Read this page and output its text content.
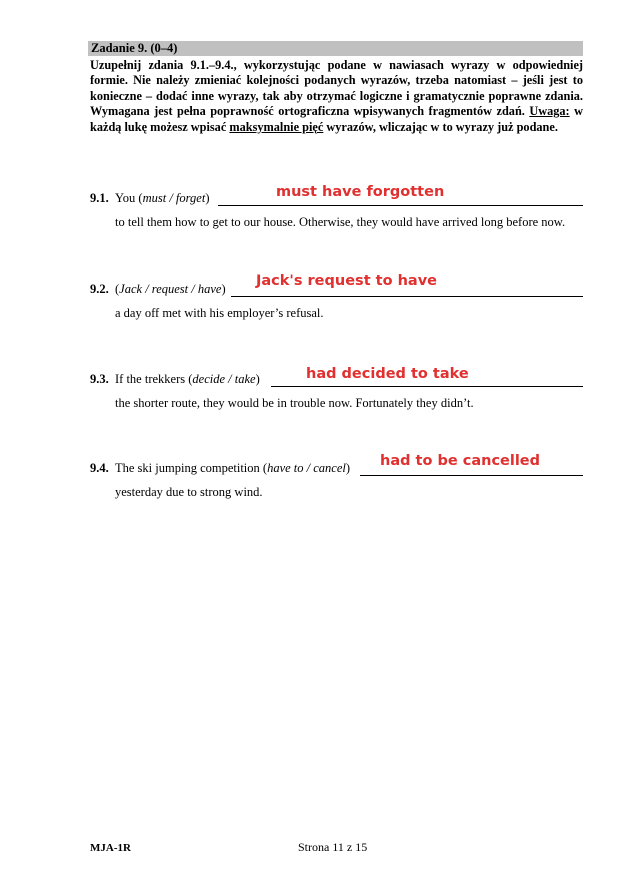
Zadanie 9. (0–4)
Uzupełnij zdania 9.1.–9.4., wykorzystując podane w nawiasach wyrazy w odpowiedniej formie. Nie należy zmieniać kolejności podanych wyrazów, trzeba natomiast – jeśli jest to konieczne – dodać inne wyrazy, tak aby otrzymać logiczne i gramatycznie poprawne zdania. Wymagana jest pełna poprawność ortograficzna wpisywanych fragmentów zdań. Uwaga: w każdą lukę możesz wpisać maksymalnie pięć wyrazów, wliczając w to wyrazy już podane.
9.1. You (must / forget)	must have forgotten
to tell them how to get to our house. Otherwise, they would have arrived long before now.
9.2. (Jack / request / have) Jack's request to have
a day off met with his employer’s refusal.
9.3. If the trekkers (decide / take)	had decided to take
the shorter route, they would be in trouble now. Fortunately they didn’t.
9.4. The ski jumping competition (have to / cancel) had to be cancelled
yesterday due to strong wind.
MJA-1R	Strona 11 z 15
